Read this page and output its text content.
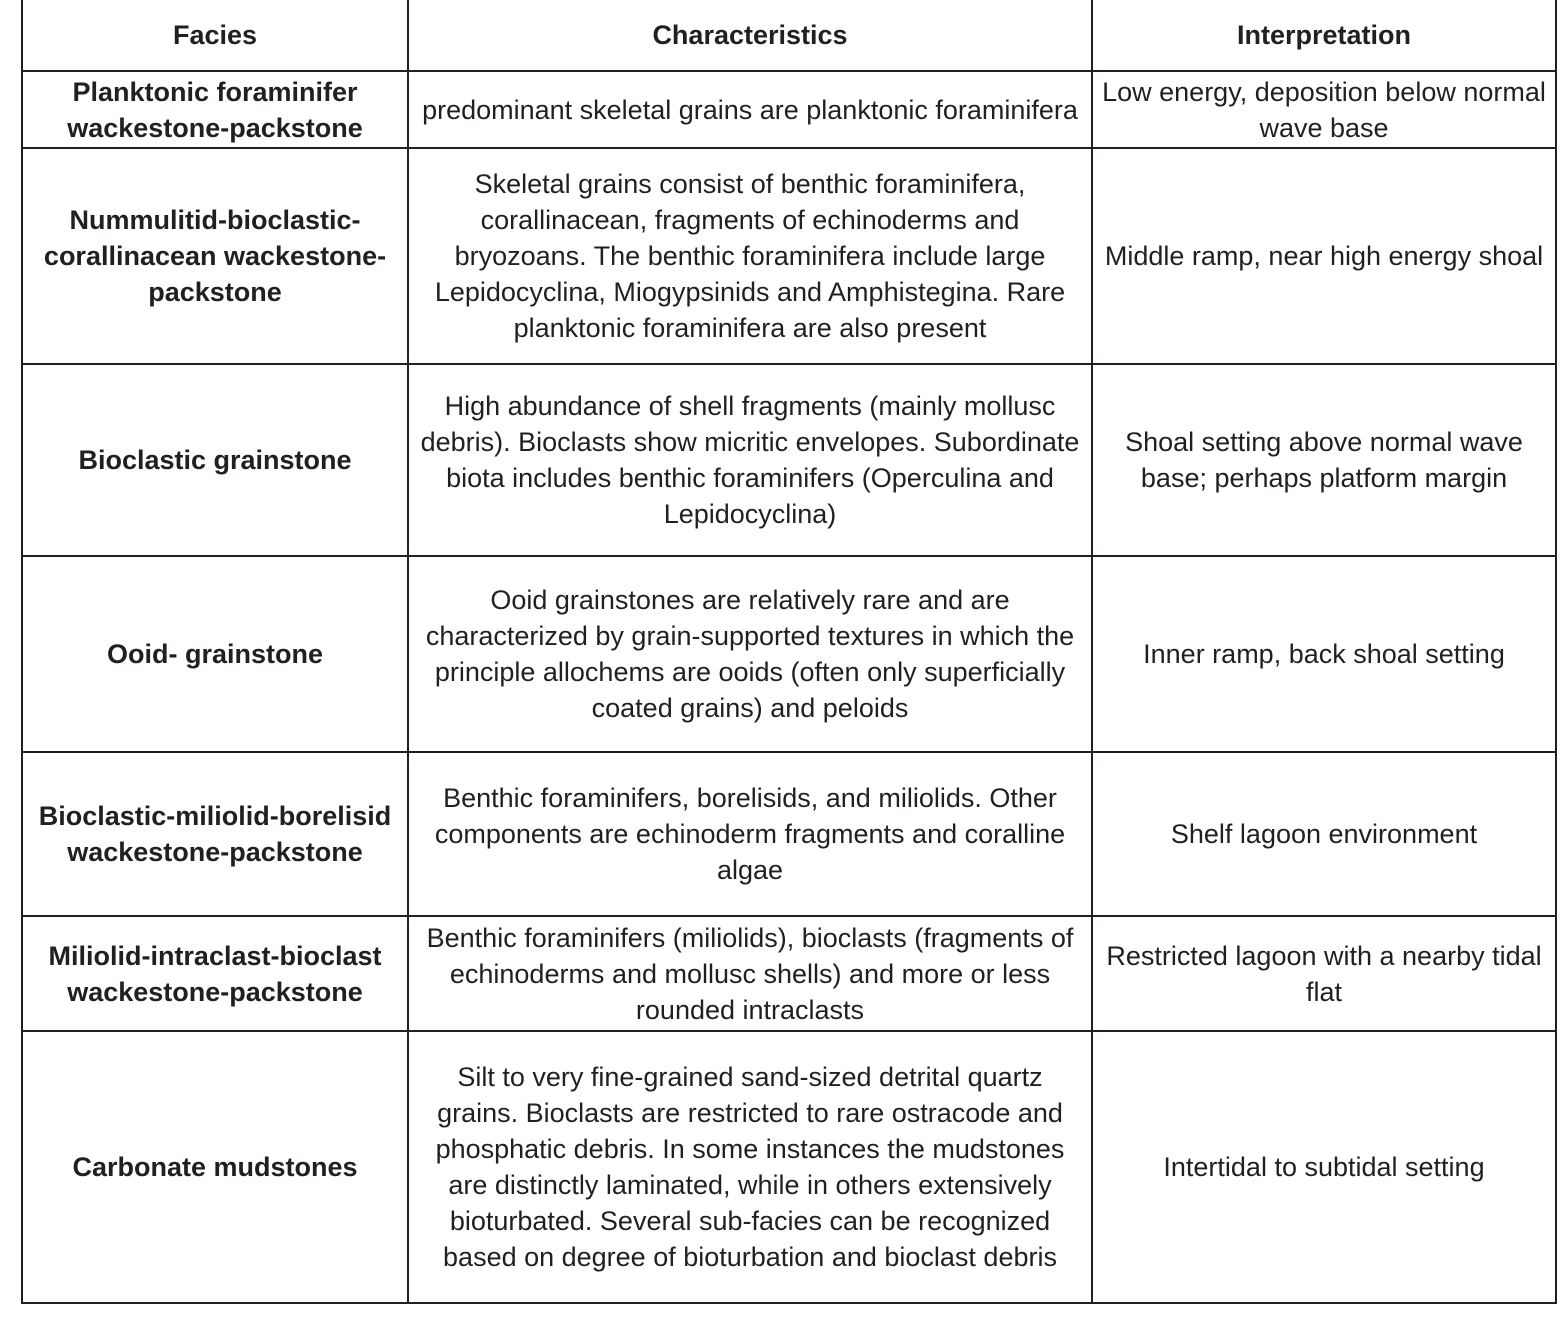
Facies	Characteristics	Interpretation
Planktonic foraminifer wackestone-packstone	predominant skeletal grains are planktonic foraminifera	Low energy, deposition below normal wave base
Nummulitid-bioclastic-corallinacean wackestone-packstone	Skeletal grains consist of benthic foraminifera, corallinacean, fragments of echinoderms and bryozoans. The benthic foraminifera include large Lepidocyclina, Miogypsinids and Amphistegina. Rare planktonic foraminifera are also present	Middle ramp, near high energy shoal
Bioclastic grainstone	High abundance of shell fragments (mainly mollusc debris). Bioclasts show micritic envelopes. Subordinate biota includes benthic foraminifers (Operculina and Lepidocyclina)	Shoal setting above normal wave base; perhaps platform margin
Ooid- grainstone	Ooid grainstones are relatively rare and are characterized by grain-supported textures in which the principle allochems are ooids (often only superficially coated grains) and peloids	Inner ramp, back shoal setting
Bioclastic-miliolid-borelisid wackestone-packstone	Benthic foraminifers, borelisids, and miliolids. Other components are echinoderm fragments and coralline algae	Shelf lagoon environment
Miliolid-intraclast-bioclast wackestone-packstone	Benthic foraminifers (miliolids), bioclasts (fragments of echinoderms and mollusc shells) and more or less rounded intraclasts	Restricted lagoon with a nearby tidal flat
Carbonate mudstones	Silt to very fine-grained sand-sized detrital quartz grains. Bioclasts are restricted to rare ostracode and phosphatic debris. In some instances the mudstones are distinctly laminated, while in others extensively bioturbated. Several sub-facies can be recognized based on degree of bioturbation and bioclast debris	Intertidal to subtidal setting
